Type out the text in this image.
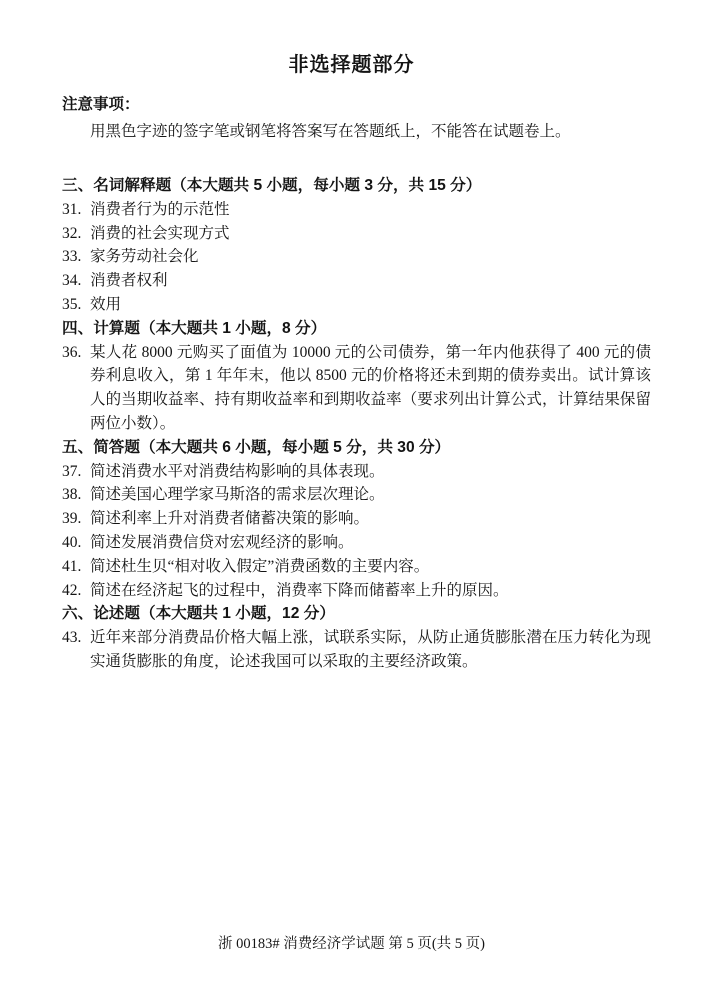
非选择题部分
注意事项：
用黑色字迹的签字笔或钢笔将答案写在答题纸上，不能答在试题卷上。
三、名词解释题（本大题共 5 小题，每小题 3 分，共 15 分）
31. 消费者行为的示范性
32. 消费的社会实现方式
33. 家务劳动社会化
34. 消费者权利
35. 效用
四、计算题（本大题共 1 小题，8 分）
36. 某人花 8000 元购买了面值为 10000 元的公司债券，第一年内他获得了 400 元的债券利息收入，第 1 年年末，他以 8500 元的价格将还未到期的债券卖出。试计算该人的当期收益率、持有期收益率和到期收益率（要求列出计算公式，计算结果保留两位小数）。
五、简答题（本大题共 6 小题，每小题 5 分，共 30 分）
37. 简述消费水平对消费结构影响的具体表现。
38. 简述美国心理学家马斯洛的需求层次理论。
39. 简述利率上升对消费者储蓄决策的影响。
40. 简述发展消费信贷对宏观经济的影响。
41. 简述杜生贝“相对收入假定”消费函数的主要内容。
42. 简述在经济起飞的过程中，消费率下降而储蓄率上升的原因。
六、论述题（本大题共 1 小题，12 分）
43. 近年来部分消费品价格大幅上涨，试联系实际，从防止通货膨胀潜在压力转化为现实通货膨胀的角度，论述我国可以采取的主要经济政策。
浙 00183# 消费经济学试题 第 5 页(共 5 页)
